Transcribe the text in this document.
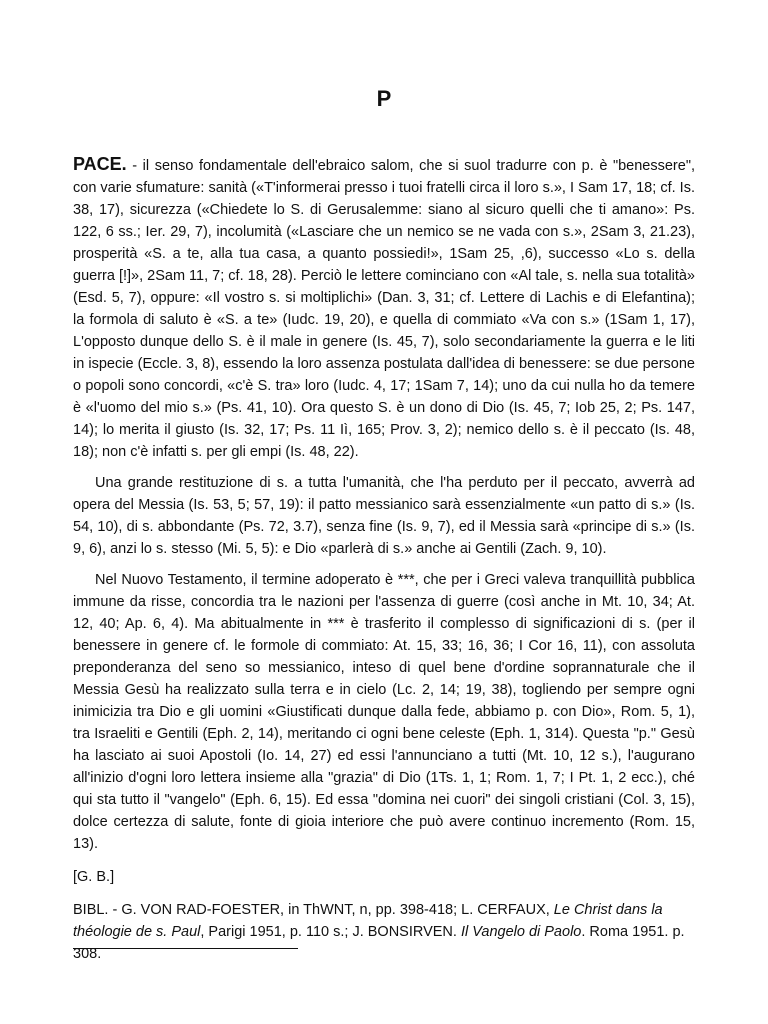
P

PACE. - il senso fondamentale dell'ebraico salom, che si suol tradurre con p. è "benessere", con varie sfumature: sanità («T'informerai presso i tuoi fratelli circa il loro s.», I Sam 17, 18; cf. Is. 38, 17), sicurezza («Chiedete lo S. di Gerusalemme: siano al sicuro quelli che ti amano»: Ps. 122, 6 ss.; Ier. 29, 7), incolumità («Lasciare che un nemico se ne vada con s.», 2Sam 3, 21.23), prosperità «S. a te, alla tua casa, a quanto possiedi!», 1Sam 25, ,6), successo «Lo s. della guerra [!]», 2Sam 11, 7; cf. 18, 28). Perciò le lettere cominciano con «Al tale, s. nella sua totalità» (Esd. 5, 7), oppure: «Il vostro s. si moltiplichi» (Dan. 3, 31; cf. Lettere di Lachis e di Elefantina); la formola di saluto è «S. a te» (Iudc. 19, 20), e quella di commiato «Va con s.» (1Sam 1, 17), L'opposto dunque dello S. è il male in genere (Is. 45, 7), solo secondariamente la guerra e le liti in ispecie (Eccle. 3, 8), essendo la loro assenza postulata dall'idea di benessere: se due persone o popoli sono concordi, «c'è S. tra» loro (Iudc. 4, 17; 1Sam 7, 14); uno da cui nulla ho da temere è «l'uomo del mio s.» (Ps. 41, 10). Ora questo S. è un dono di Dio (Is. 45, 7; Iob 25, 2; Ps. 147, 14); lo merita il giusto (Is. 32, 17; Ps. 11 Iì, 165; Prov. 3, 2); nemico dello s. è il peccato (Is. 48, 18); non c'è infatti s. per gli empi (Is. 48, 22).

Una grande restituzione di s. a tutta l'umanità, che l'ha perduto per il peccato, avverrà ad opera del Messia (Is. 53, 5; 57, 19): il patto messianico sarà essenzialmente «un patto di s.» (Is. 54, 10), di s. abbondante (Ps. 72, 3.7), senza fine (Is. 9, 7), ed il Messia sarà «principe di s.» (Is. 9, 6), anzi lo s. stesso (Mi. 5, 5): e Dio «parlerà di s.» anche ai Gentili (Zach. 9, 10).

Nel Nuovo Testamento, il termine adoperato è ***, che per i Greci valeva tranquillità pubblica immune da risse, concordia tra le nazioni per l'assenza di guerre (così anche in Mt. 10, 34; At. 12, 40; Ap. 6, 4). Ma abitualmente in *** è trasferito il complesso di significazioni di s. (per il benessere in genere cf. le formole di commiato: At. 15, 33; 16, 36; I Cor 16, 11), con assoluta preponderanza del seno so messianico, inteso di quel bene d'ordine soprannaturale che il Messia Gesù ha realizzato sulla terra e in cielo (Lc. 2, 14; 19, 38), togliendo per sempre ogni inimicizia tra Dio e gli uomini «Giustificati dunque dalla fede, abbiamo p. con Dio», Rom. 5, 1), tra Israeliti e Gentili (Eph. 2, 14), meritando ci ogni bene celeste (Eph. 1, 314). Questa "p." Gesù ha lasciato ai suoi Apostoli (Io. 14, 27) ed essi l'annunciano a tutti (Mt. 10, 12 s.), l'augurano all'inizio d'ogni loro lettera insieme alla "grazia" di Dio (1Ts. 1, 1; Rom. 1, 7; I Pt. 1, 2 ecc.), ché qui sta tutto il "vangelo" (Eph. 6, 15). Ed essa "domina nei cuori" dei singoli cristiani (Col. 3, 15), dolce certezza di salute, fonte di gioia interiore che può avere continuo incremento (Rom. 15, 13).

[G. B.]

BIBL. - G. VON RAD-FOESTER, in ThWNT, n, pp. 398-418; L. CERFAUX, Le Christ dans la théologie de s. Paul, Parigi 1951, p. 110 s.; J. BONSIRVEN. Il Vangelo di Paolo. Roma 1951. p. 308.
